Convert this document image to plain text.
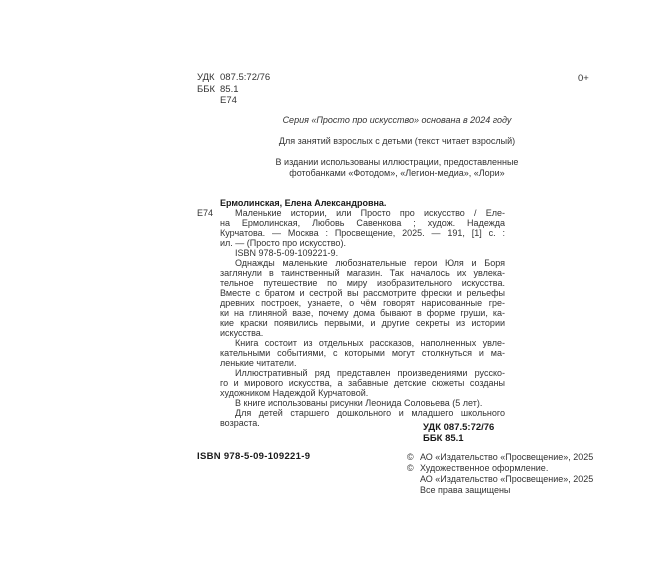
УДК 087.5:72/76
ББК 85.1
Е74
0+
Серия «Просто про искусство» основана в 2024 году
Для занятий взрослых с детьми (текст читает взрослый)
В издании использованы иллюстрации, предоставленные
фотобанками «Фотодом», «Легион-медиа», «Лори»
Е74
Ермолинская, Елена Александровна.
Маленькие истории, или Просто про искусство / Еле-
на Ермолинская, Любовь Савенкова ; худож. Надежда
Курчатова. — Москва : Просвещение, 2025. — 191, [1] с. :
ил. — (Просто про искусство).
ISBN 978-5-09-109221-9.
Однажды маленькие любознательные герои Юля и Боря
заглянули в таинственный магазин. Так началось их увлека-
тельное путешествие по миру изобразительного искусства.
Вместе с братом и сестрой вы рассмотрите фрески и рельефы
древних построек, узнаете, о чём говорят нарисованные гре-
ки на глиняной вазе, почему дома бывают в форме груши, ка-
кие краски появились первыми, и другие секреты из истории
искусства.
Книга состоит из отдельных рассказов, наполненных увле-
кательными событиями, с которыми могут столкнуться и ма-
ленькие читатели.
Иллюстративный ряд представлен произведениями русско-
го и мирового искусства, а забавные детские сюжеты созданы
художником Надеждой Курчатовой.
В книге использованы рисунки Леонида Соловьева (5 лет).
Для детей старшего дошкольного и младшего школьного
возраста.	УДК 087.5:72/76
ББК 85.1
ISBN 978-5-09-109221-9	© АО «Издательство «Просвещение», 2025
© Художественное оформление.
АО «Издательство «Просвещение», 2025
Все права защищены
